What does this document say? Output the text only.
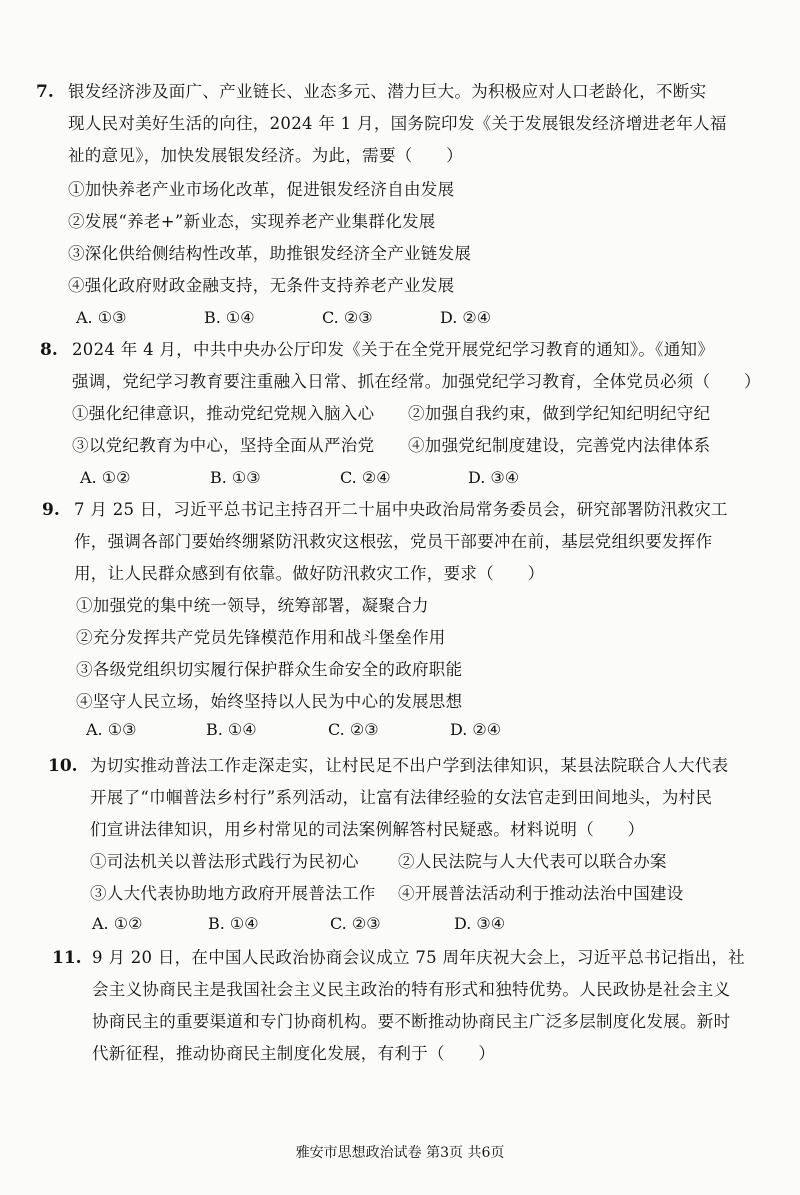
7. 银发经济涉及面广、产业链长、业态多元、潜力巨大。为积极应对人口老龄化，不断实
现人民对美好生活的向往，2024 年 1 月，国务院印发《关于发展银发经济增进老年人福
祉的意见》，加快发展银发经济。为此，需要（　　）
①加快养老产业市场化改革，促进银发经济自由发展
②发展“养老+”新业态，实现养老产业集群化发展
③深化供给侧结构性改革，助推银发经济全产业链发展
④强化政府财政金融支持，无条件支持养老产业发展
A. ①③	B. ①④	C. ②③	D. ②④
8. 2024 年 4 月，中共中央办公厅印发《关于在全党开展党纪学习教育的通知》。《通知》
强调，党纪学习教育要注重融入日常、抓在经常。加强党纪学习教育，全体党员必须（　　）
①强化纪律意识，推动党纪党规入脑入心 ②加强自我约束，做到学纪知纪明纪守纪
③以党纪教育为中心，坚持全面从严治党 ④加强党纪制度建设，完善党内法律体系
A. ①②	B. ①③	C. ②④	D. ③④
9. 7 月 25 日，习近平总书记主持召开二十届中央政治局常务委员会，研究部署防汛救灾工
作，强调各部门要始终绷紧防汛救灾这根弦，党员干部要冲在前，基层党组织要发挥作
用，让人民群众感到有依靠。做好防汛救灾工作，要求（　　）
①加强党的集中统一领导，统筹部署，凝聚合力
②充分发挥共产党员先锋模范作用和战斗堡垒作用
③各级党组织切实履行保护群众生命安全的政府职能
④坚守人民立场，始终坚持以人民为中心的发展思想
A. ①③	B. ①④	C. ②③	D. ②④
10. 为切实推动普法工作走深走实，让村民足不出户学到法律知识，某县法院联合人大代表
开展了“巾帼普法乡村行”系列活动，让富有法律经验的女法官走到田间地头，为村民
们宣讲法律知识，用乡村常见的司法案例解答村民疑惑。材料说明（　　）
①司法机关以普法形式践行为民初心 ②人民法院与人大代表可以联合办案
③人大代表协助地方政府开展普法工作 ④开展普法活动利于推动法治中国建设
A. ①②	B. ①④	C. ②③	D. ③④
11. 9 月 20 日，在中国人民政治协商会议成立 75 周年庆祝大会上，习近平总书记指出，社
会主义协商民主是我国社会主义民主政治的特有形式和独特优势。人民政协是社会主义
协商民主的重要渠道和专门协商机构。要不断推动协商民主广泛多层制度化发展。新时
代新征程，推动协商民主制度化发展，有利于（　　）
雅安市思想政治试卷 第3页 共6页
